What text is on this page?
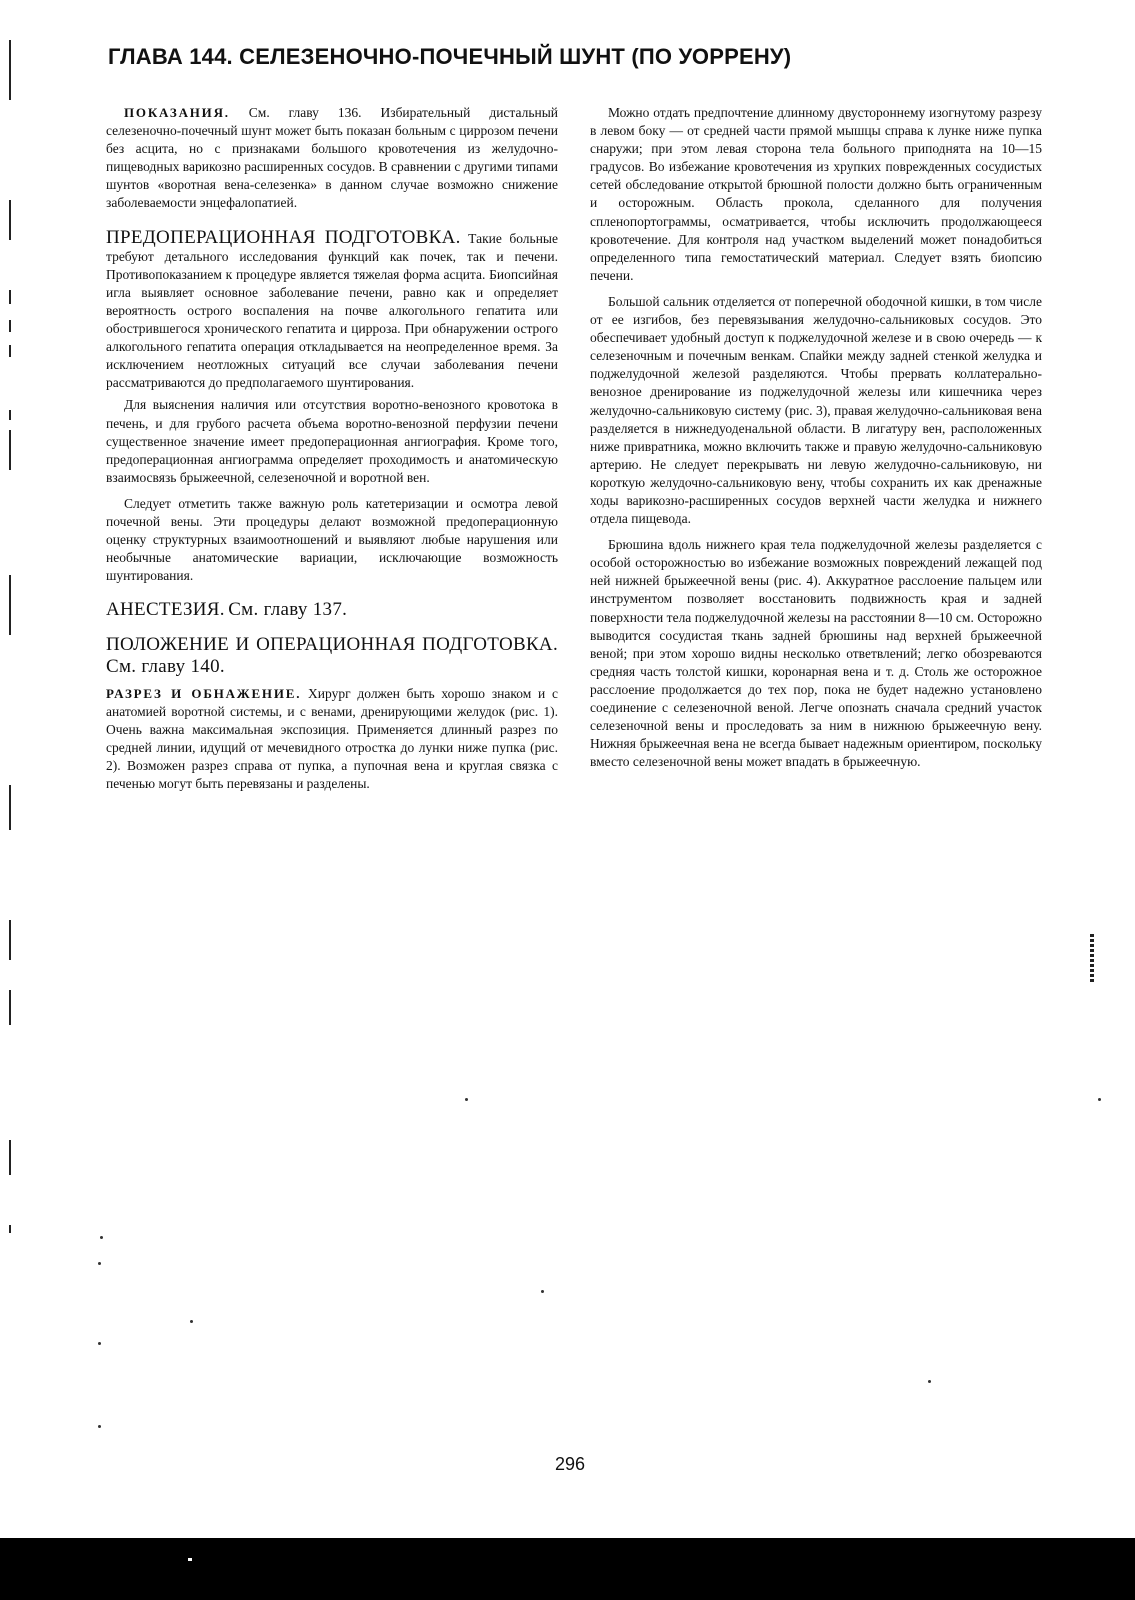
ГЛАВА 144. СЕЛЕЗЕНОЧНО-ПОЧЕЧНЫЙ ШУНТ (ПО УОРРЕНУ)

ПОКАЗАНИЯ. См. главу 136. Избирательный дистальный селезеночно-почечный шунт может быть показан больным с циррозом печени без асцита, но с признаками большого кровотечения из желудочно-пищеводных варикозно расширенных сосудов. В сравнении с другими типами шунтов «воротная вена-селезенка» в данном случае возможно снижение заболеваемости энцефалопатией.

ПРЕДОПЕРАЦИОННАЯ ПОДГОТОВКА. Такие больные требуют детального исследования функций как почек, так и печени. Противопоказанием к процедуре является тяжелая форма асцита. Биопсийная игла выявляет основное заболевание печени, равно как и определяет вероятность острого воспаления на почве алкогольного гепатита или обострившегося хронического гепатита и цирроза. При обнаружении острого алкогольного гепатита операция откладывается на неопределенное время. За исключением неотложных ситуаций все случаи заболевания печени рассматриваются до предполагаемого шунтирования.

Для выяснения наличия или отсутствия воротно-венозного кровотока в печень, и для грубого расчета объема воротно-венозной перфузии печени существенное значение имеет предоперационная ангиография. Кроме того, предоперационная ангиограмма определяет проходимость и анатомическую взаимосвязь брыжеечной, селезеночной и воротной вен.

Следует отметить также важную роль катетеризации и осмотра левой почечной вены. Эти процедуры делают возможной предоперационную оценку структурных взаимоотношений и выявляют любые нарушения или необычные анатомические вариации, исключающие возможность шунтирования.

АНЕСТЕЗИЯ. См. главу 137.

ПОЛОЖЕНИЕ И ОПЕРАЦИОННАЯ ПОДГОТОВКА. См. главу 140.

РАЗРЕЗ И ОБНАЖЕНИЕ. Хирург должен быть хорошо знаком и с анатомией воротной системы, и с венами, дренирующими желудок (рис. 1). Очень важна максимальная экспозиция. Применяется длинный разрез по средней линии, идущий от мечевидного отростка до лунки ниже пупка (рис. 2). Возможен разрез справа от пупка, а пупочная вена и круглая связка с печенью могут быть перевязаны и разделены.

Можно отдать предпочтение длинному двустороннему изогнутому разрезу в левом боку — от средней части прямой мышцы справа к лунке ниже пупка снаружи; при этом левая сторона тела больного приподнята на 10—15 градусов. Во избежание кровотечения из хрупких поврежденных сосудистых сетей обследование открытой брюшной полости должно быть ограниченным и осторожным. Область прокола, сделанного для получения спленопортограммы, осматривается, чтобы исключить продолжающееся кровотечение. Для контроля над участком выделений может понадобиться определенного типа гемостатический материал. Следует взять биопсию печени.

Большой сальник отделяется от поперечной ободочной кишки, в том числе от ее изгибов, без перевязывания желудочно-сальниковых сосудов. Это обеспечивает удобный доступ к поджелудочной железе и в свою очередь — к селезеночным и почечным венкам. Спайки между задней стенкой желудка и поджелудочной железой разделяются. Чтобы прервать коллатерально-венозное дренирование из поджелудочной железы или кишечника через желудочно-сальниковую систему (рис. 3), правая желудочно-сальниковая вена разделяется в нижнедуоденальной области. В лигатуру вен, расположенных ниже привратника, можно включить также и правую желудочно-сальниковую артерию. Не следует перекрывать ни левую желудочно-сальниковую, ни короткую желудочно-сальниковую вену, чтобы сохранить их как дренажные ходы варикозно-расширенных сосудов верхней части желудка и нижнего отдела пищевода.

Брюшина вдоль нижнего края тела поджелудочной железы разделяется с особой осторожностью во избежание возможных повреждений лежащей под ней нижней брыжеечной вены (рис. 4). Аккуратное расслоение пальцем или инструментом позволяет восстановить подвижность края и задней поверхности тела поджелудочной железы на расстоянии 8—10 см. Осторожно выводится сосудистая ткань задней брюшины над верхней брыжеечной веной; при этом хорошо видны несколько ответвлений; легко обозреваются средняя часть толстой кишки, коронарная вена и т. д. Столь же осторожное расслоение продолжается до тех пор, пока не будет надежно установлено соединение с селезеночной веной. Легче опознать сначала средний участок селезеночной вены и проследовать за ним в нижнюю брыжеечную вену. Нижняя брыжеечная вена не всегда бывает надежным ориентиром, поскольку вместо селезеночной вены может впадать в брыжеечную.

296
